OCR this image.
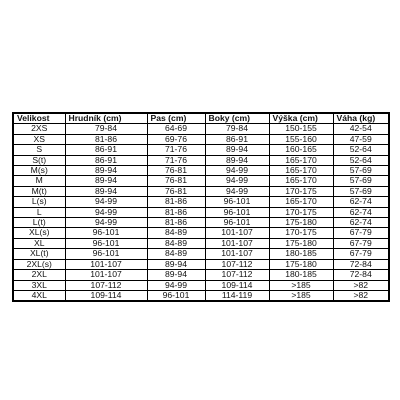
Velikost	Hrudník (cm)	Pas (cm)	Boky (cm)	Výška (cm)	Váha (kg)
2XS	79-84	64-69	79-84	150-155	42-54
XS	81-86	69-76	86-91	155-160	47-59
S	86-91	71-76	89-94	160-165	52-64
S(t)	86-91	71-76	89-94	165-170	52-64
M(s)	89-94	76-81	94-99	165-170	57-69
M	89-94	76-81	94-99	165-170	57-69
M(t)	89-94	76-81	94-99	170-175	57-69
L(s)	94-99	81-86	96-101	165-170	62-74
L	94-99	81-86	96-101	170-175	62-74
L(t)	94-99	81-86	96-101	175-180	62-74
XL(s)	96-101	84-89	101-107	170-175	67-79
XL	96-101	84-89	101-107	175-180	67-79
XL(t)	96-101	84-89	101-107	180-185	67-79
2XL(s)	101-107	89-94	107-112	175-180	72-84
2XL	101-107	89-94	107-112	180-185	72-84
3XL	107-112	94-99	109-114	>185	>82
4XL	109-114	96-101	114-119	>185	>82
